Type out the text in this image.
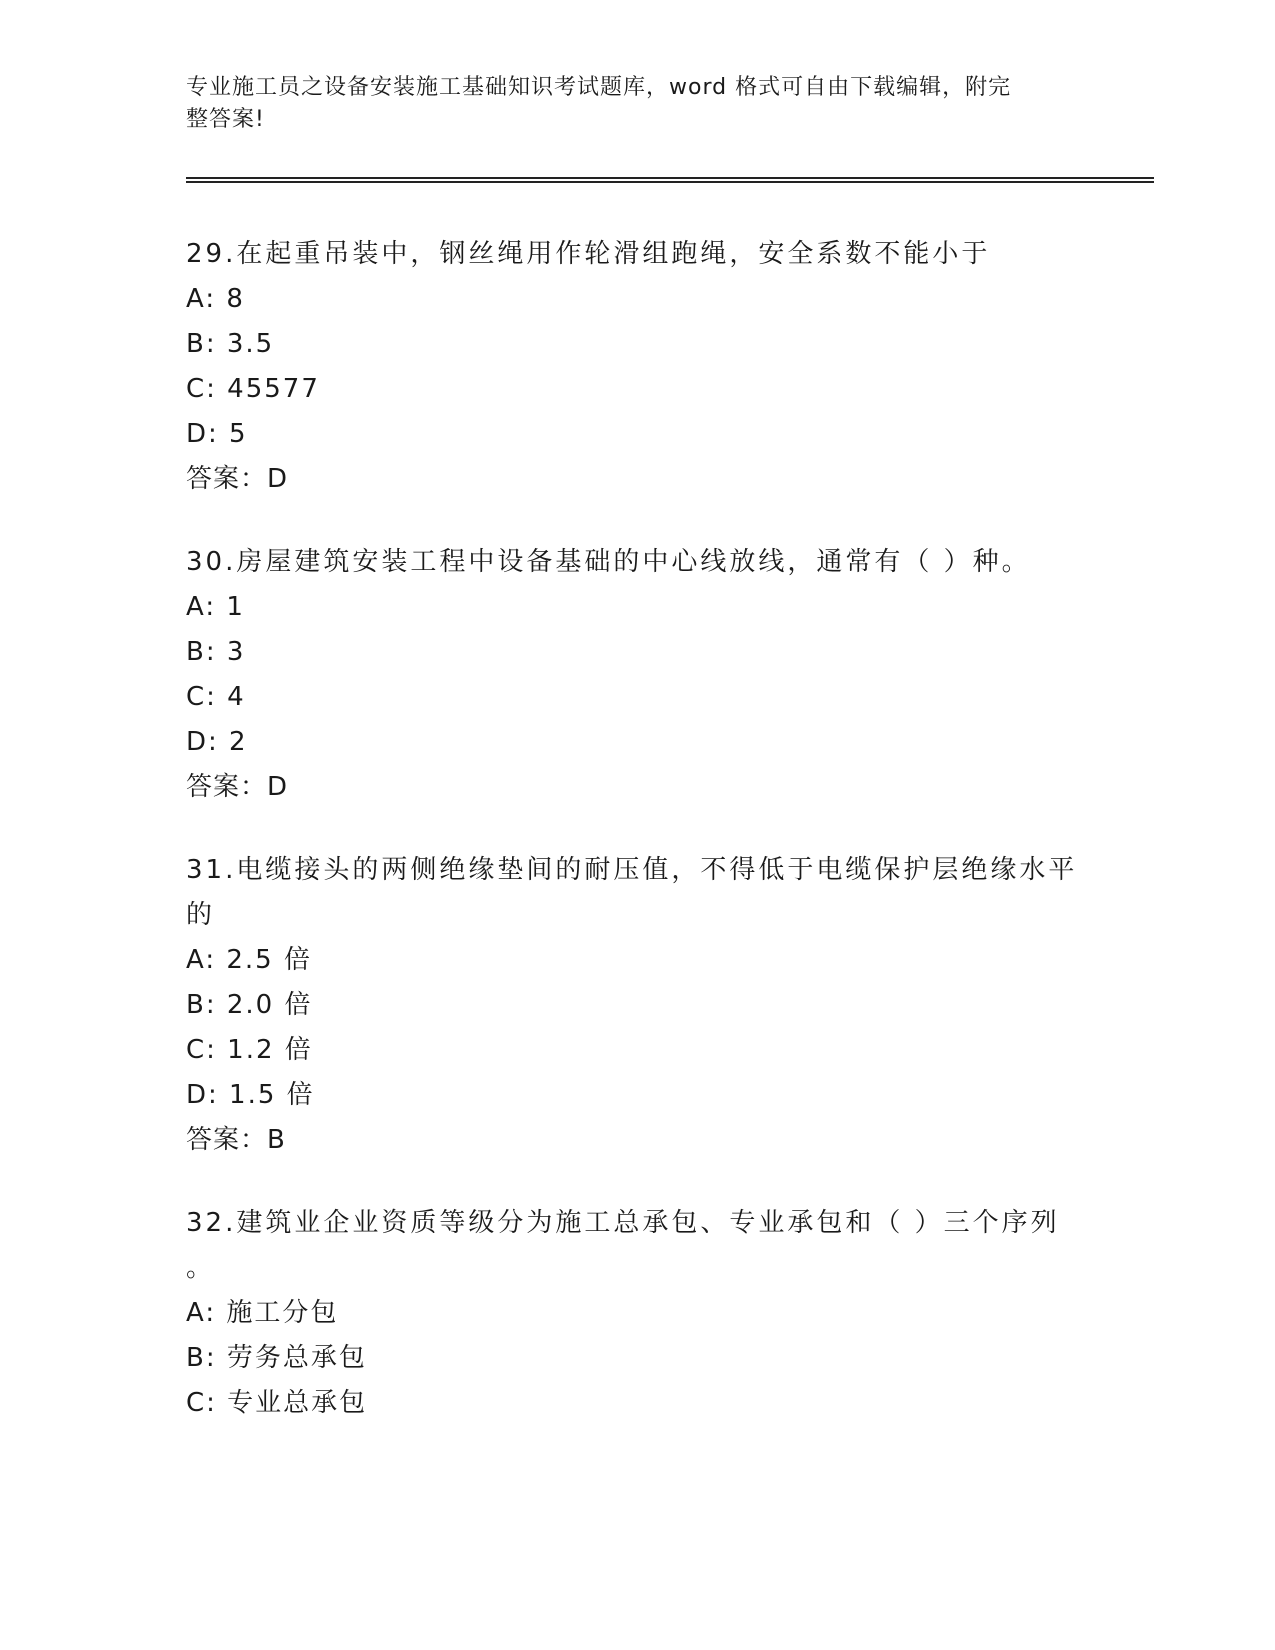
专业施工员之设备安装施工基础知识考试题库，word 格式可自由下载编辑，附完
整答案!
29.在起重吊装中，钢丝绳用作轮滑组跑绳，安全系数不能小于
A: 8
B: 3.5
C: 45577
D: 5
答案：D
30.房屋建筑安装工程中设备基础的中心线放线，通常有（ ）种。
A: 1
B: 3
C: 4
D: 2
答案：D
31.电缆接头的两侧绝缘垫间的耐压值，不得低于电缆保护层绝缘水平
的
A: 2.5 倍
B: 2.0 倍
C: 1.2 倍
D: 1.5 倍
答案：B
32.建筑业企业资质等级分为施工总承包、专业承包和（ ）三个序列
。
A: 施工分包
B: 劳务总承包
C: 专业总承包
